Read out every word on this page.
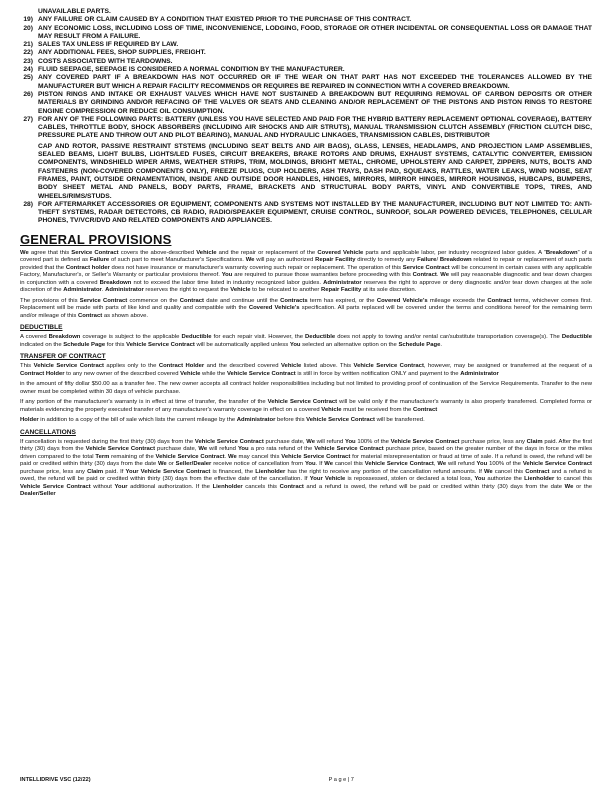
UNAVAILABLE PARTS.
19) ANY FAILURE OR CLAIM CAUSED BY A CONDITION THAT EXISTED PRIOR TO THE PURCHASE OF THIS CONTRACT.
20) ANY ECONOMIC LOSS, INCLUDING LOSS OF TIME, INCONVENIENCE, LODGING, FOOD, STORAGE OR OTHER INCIDENTAL OR CONSEQUENTIAL LOSS OR DAMAGE THAT MAY RESULT FROM A FAILURE.
21) SALES TAX UNLESS IF REQUIRED BY LAW.
22) ANY ADDITIONAL FEES, SHOP SUPPLIES, FREIGHT.
23) COSTS ASSOCIATED WITH TEARDOWNS.
24) FLUID SEEPAGE, SEEPAGE IS CONSIDERED A NORMAL CONDITION BY THE MANUFACTURER.
25) ANY COVERED PART IF A BREAKDOWN HAS NOT OCCURRED OR IF THE WEAR ON THAT PART HAS NOT EXCEEDED THE TOLERANCES ALLOWED BY THE MANUFACTURER BUT WHICH A REPAIR FACILITY RECOMMENDS OR REQUIRES BE REPAIRED IN CONNECTION WITH A COVERED BREAKDOWN.
26) PISTON RINGS AND INTAKE OR EXHAUST VALVES WHICH HAVE NOT SUSTAINED A BREAKDOWN BUT REQUIRING REMOVAL OF CARBON DEPOSITS OR OTHER MATERIALS BY GRINDING AND/OR REFACING OF THE VALVES OR SEATS AND CLEANING AND/OR REPLACEMENT OF THE PISTONS AND PISTON RINGS TO RESTORE ENGINE COMPRESSION OR REDUCE OIL CONSUMPTION.
27) FOR ANY OF THE FOLLOWING PARTS: BATTERY (UNLESS YOU HAVE SELECTED AND PAID FOR THE HYBRID BATTERY REPLACEMENT OPTIONAL COVERAGE), BATTERY CABLES, THROTTLE BODY, SHOCK ABSORBERS (INCLUDING AIR SHOCKS AND AIR STRUTS), MANUAL TRANSMISSION CLUTCH ASSEMBLY (FRICTION CLUTCH DISC, PRESSURE PLATE AND THROW OUT AND PILOT BEARING), MANUAL AND HYDRAULIC LINKAGES, TRANSMISSION CABLES, DISTRIBUTOR
CAP AND ROTOR, PASSIVE RESTRAINT STSTEMS (INCLUDING SEAT BELTS AND AIR BAGS), GLASS, LENSES, HEADLAMPS, AND PROJECTION LAMP ASSEMBLIES, SEALED BEAMS, LIGHT BULBS, LIGHTS/LED FUSES, CIRCUIT BREAKERS, BRAKE ROTORS AND DRUMS, EXHAUST SYSTEMS, CATALYTIC CONVERTER, EMISSION COMPONENTS, WINDSHIELD WIPER ARMS, WEATHER STRIPS, TRIM, MOLDINGS, BRIGHT METAL, CHROME, UPHOLSTERY AND CARPET, ZIPPERS, NUTS, BOLTS AND FASTENERS (NON-COVERED COMPONENTS ONLY), FREEZE PLUGS, CUP HOLDERS, ASH TRAYS, DASH PAD, SQUEAKS, RATTLES, WATER LEAKS, WIND NOISE, SEAT FRAMES, PAINT, OUTSIDE ORNAMENTATION, INSIDE AND OUTSIDE DOOR HANDLES, HINGES, MIRRORS, MIRROR HINGES, MIRROR HOUSINGS, HUBCAPS, BUMPERS, BODY SHEET METAL AND PANELS, BODY PARTS, FRAME, BRACKETS AND STRUCTURAL BODY PARTS, VINYL AND CONVERTIBLE TOPS, TIRES, AND WHEELS/RIMS/STUDS.
28) FOR AFTERMARKET ACCESSORIES OR EQUIPMENT, COMPONENTS AND SYSTEMS NOT INSTALLED BY THE MANUFACTURER, INCLUDING BUT NOT LIMITED TO: ANTI-THEFT SYSTEMS, RADAR DETECTORS, CB RADIO, RADIO/SPEAKER EQUIPMENT, CRUISE CONTROL, SUNROOF, SOLAR POWERED DEVICES, TELEPHONES, CELULAR PHONES, TV/VCR/DVD AND RELATED COMPONENTS AND APPLIANCES.
GENERAL PROVISIONS

We agree that this Service Contract covers the above-described Vehicle and the repair or replacement of the Covered Vehicle parts and applicable labor, per industry recognized labor guides. A “Breakdown” of a covered part is defined as Failure of such part to meet Manufacturer's Specifications. We will pay an authorized Repair Facility directly to remedy any Failure/ Breakdown related to repair or replacement of such parts provided that the Contract holder does not have insurance or manufacturer's warranty covering such repair or replacement. The operation of this Service Contract will be concurrent in certain cases with any applicable Factory, Manufacturer's, or Seller's Warranty or particular provisions thereof. You are required to pursue those warranties before proceeding with this Contract. We will pay reasonable diagnostic and tear down charges in conjunction with a covered Breakdown not to exceed the labor time listed in industry recognized labor guides. Administrator reserves the right to approve or deny diagnostic and/or tear down charges at the sole discretion of the Administrator. Administrator reserves the right to request the Vehicle to be relocated to another Repair Facility at its sole discretion.

The provisions of this Service Contract commence on the Contract date and continue until the Contracts term has expired, or the Covered Vehicle's mileage exceeds the Contract terms, whichever comes first. Replacement will be made with parts of like kind and quality and compatible with the Covered Vehicle's specification. All parts replaced will be covered under the terms and conditions hereof for the remaining term and/or mileage of this Contract as shown above.

DEDUCTIBLE

A covered Breakdown coverage is subject to the applicable Deductible for each repair visit. However, the Deductible does not apply to towing and/or rental car/substitute transportation coverage(s). The Deductible indicated on the Schedule Page for this Vehicle Service Contract will be automatically applied unless You selected an alternative option on the Schedule Page.

TRANSFER OF CONTRACT

This Vehicle Service Contract applies only to the Contract Holder and the described covered Vehicle listed above. This Vehicle Service Contract, however, may be assigned or transferred at the request of a Contract Holder to any new owner of the described covered Vehicle while the Vehicle Service Contract is still in force by written notification ONLY and payment to the Administrator

in the amount of fifty dollar $50.00 as a transfer fee. The new owner accepts all contract holder responsibilities including but not limited to providing proof of continuation of the Service Requirements. Transfer to the new owner must be completed within 30 days of vehicle purchase.

If any portion of the manufacturer's warranty is in effect at time of transfer, the transfer of the Vehicle Service Contract will be valid only if the manufacturer's warranty is also properly transferred. Completed forms or materials evidencing the properly executed transfer of any manufacturer's warranty coverage in effect on a covered Vehicle must be received from the Contract

Holder in addition to a copy of the bill of sale which lists the current mileage by the Administrator before this Vehicle Service Contract will be transferred.

CANCELLATIONS

If cancellation is requested during the first thirty (30) days from the Vehicle Service Contract purchase date, We will refund You 100% of the Vehicle Service Contract purchase price, less any Claim paid. After the first thirty (30) days from the Vehicle Service Contract purchase date, We will refund You a pro rata refund of the Vehicle Service Contract purchase price, based on the greater number of the days in force or the miles driven compared to the total Term remaining of the Vehicle Service Contract. We may cancel this Vehicle Service Contract for material misrepresentation or fraud at time of sale. If a refund is owed, the refund will be paid or credited within thirty (30) days from the date We or Seller/Dealer receive notice of cancellation from You. If We cancel this Vehicle Service Contract, We will refund You 100% of the Vehicle Service Contract purchase price, less any Claim paid. If Your Vehicle Service Contract is financed, the Lienholder has the right to receive any portion of the cancellation refund amounts. If We cancel this Contract and a refund is owed, the refund will be paid or credited within thirty (30) days from the effective date of the cancellation. If Your Vehicle is repossessed, stolen or declared a total loss, You authorize the Lienholder to cancel this Vehicle Service Contract without Your additional authorization. If the Lienholder cancels this Contract and a refund is owed, the refund will be paid or credited within thirty (30) days from the date We or the Dealer/Seller

INTELLIDRIVE VSC (12/22)	P a g e | 7
